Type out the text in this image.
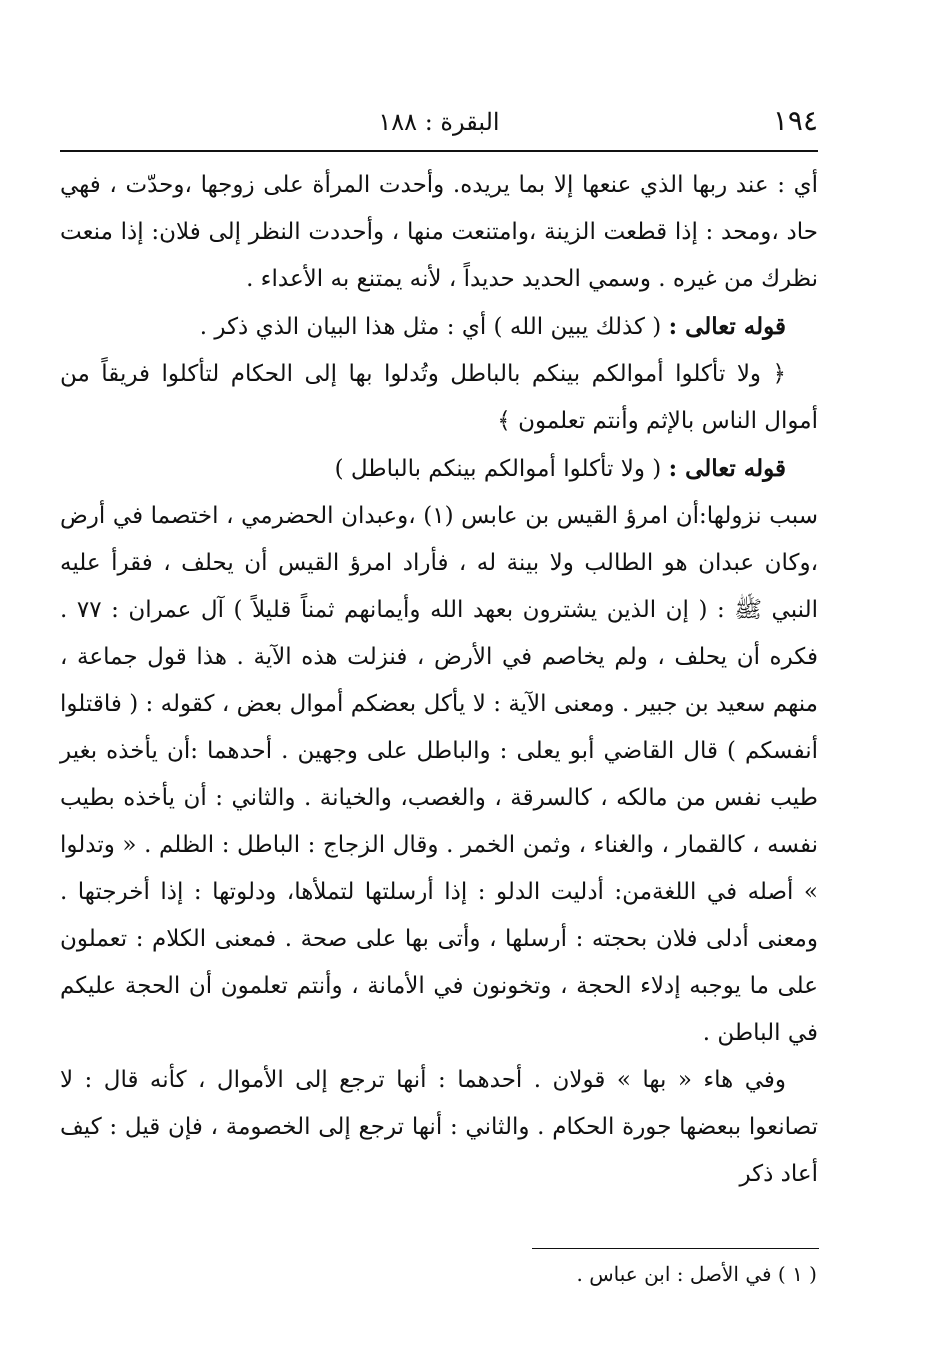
١٩٤
البقرة : ١٨٨

أي : عند ربها الذي عنعها إلا بما يريده. وأحدت المرأة على زوجها ،وحدّت ، فهي حاد ،ومحد : إذا قطعت الزينة ،وامتنعت منها ، وأحددت النظر إلى فلان: إذا منعت نظرك من غيره . وسمي الحديد حديداً ، لأنه يمتنع به الأعداء .

قوله تعالى : ( كذلك يبين الله ) أي : مثل هذا البيان الذي ذكر .

﴿ ولا تأكلوا أموالكم بينكم بالباطل وتُدلوا بها إلى الحكام لتأكلوا فريقاً من أموال الناس بالإثم وأنتم تعلمون ﴾

قوله تعالى : ( ولا تأكلوا أموالكم بينكم بالباطل )

سبب نزولها:أن امرؤ القيس بن عابس (١) ،وعبدان الحضرمي ، اختصما في أرض ،وكان عبدان هو الطالب ولا بينة له ، فأراد امرؤ القيس أن يحلف ، فقرأ عليه النبي ﷺ : ( إن الذين يشترون بعهد الله وأيمانهم ثمناً قليلاً ) آل عمران : ٧٧ . فكره أن يحلف ، ولم يخاصم في الأرض ، فنزلت هذه الآية . هذا قول جماعة ، منهم سعيد بن جبير . ومعنى الآية : لا يأكل بعضكم أموال بعض ، كقوله : ( فاقتلوا أنفسكم ) قال القاضي أبو يعلى : والباطل على وجهين . أحدهما :أن يأخذه بغير طيب نفس من مالكه ، كالسرقة ، والغصب، والخيانة . والثاني : أن يأخذه بطيب نفسه ، كالقمار ، والغناء ، وثمن الخمر . وقال الزجاج : الباطل : الظلم . « وتدلوا » أصله في اللغةمن: أدليت الدلو : إذا أرسلتها لتملأها، ودلوتها : إذا أخرجتها . ومعنى أدلى فلان بحجته : أرسلها ، وأتى بها على صحة . فمعنى الكلام : تعملون على ما يوجبه إدلاء الحجة ، وتخونون في الأمانة ، وأنتم تعلمون أن الحجة عليكم في الباطن .

وفي هاء « بها » قولان . أحدهما : أنها ترجع إلى الأموال ، كأنه قال : لا تصانعوا ببعضها جورة الحكام . والثاني : أنها ترجع إلى الخصومة ، فإن قيل : كيف أعاد ذكر

( ١ ) في الأصل : ابن عباس .
